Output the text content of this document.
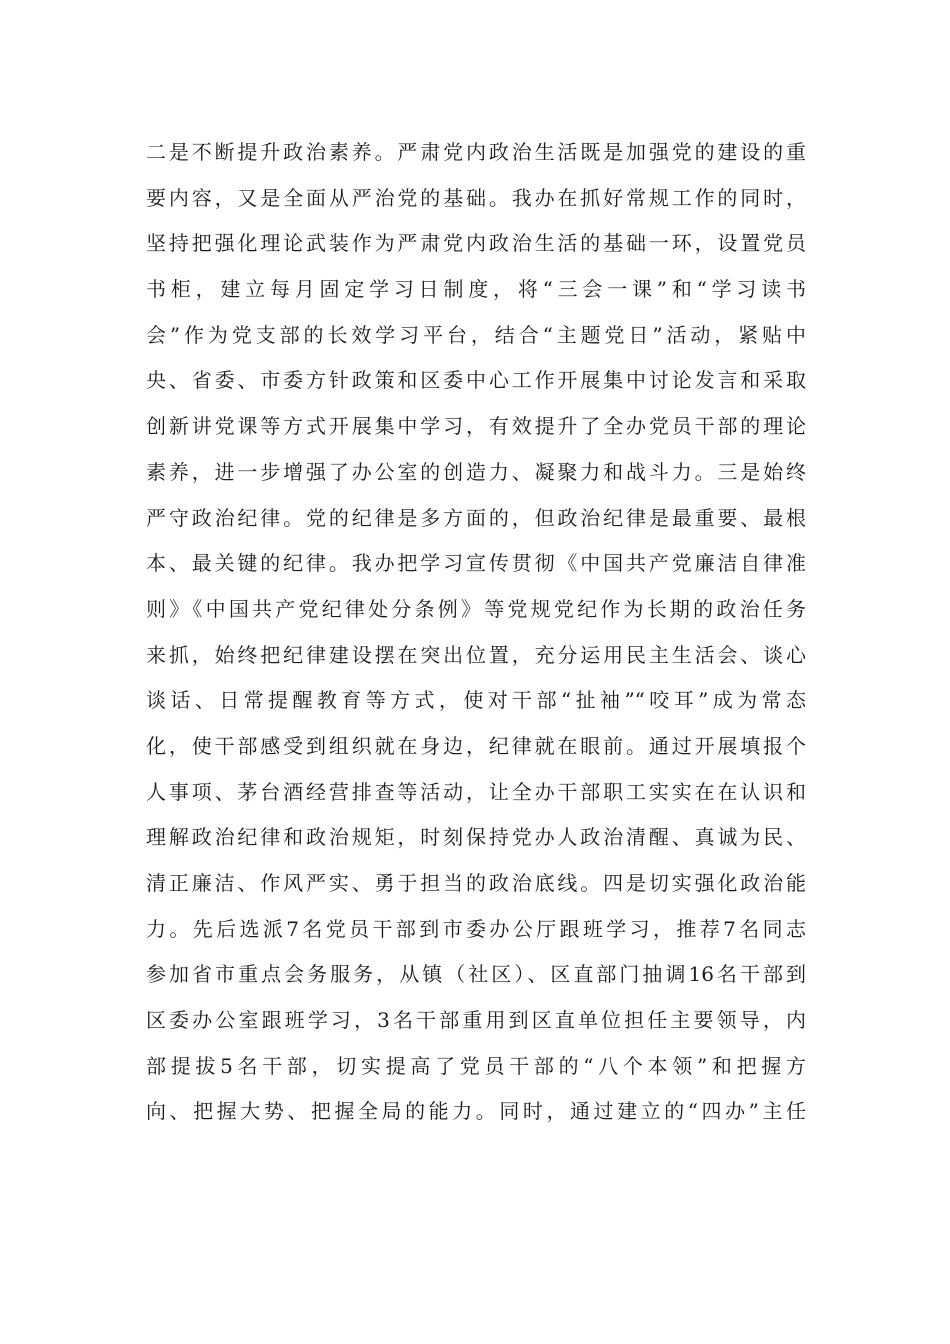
二是不断提升政治素养。严肃党内政治生活既是加强党的建设的重
要内容，又是全面从严治党的基础。我办在抓好常规工作的同时，
坚持把强化理论武装作为严肃党内政治生活的基础一环，设置党员
书柜，建立每月固定学习日制度，将“三会一课”和“学习读书
会”作为党支部的长效学习平台，结合“主题党日”活动，紧贴中
央、省委、市委方针政策和区委中心工作开展集中讨论发言和采取
创新讲党课等方式开展集中学习，有效提升了全办党员干部的理论
素养，进一步增强了办公室的创造力、凝聚力和战斗力。三是始终
严守政治纪律。党的纪律是多方面的，但政治纪律是最重要、最根
本、最关键的纪律。我办把学习宣传贯彻《中国共产党廉洁自律准
则》《中国共产党纪律处分条例》等党规党纪作为长期的政治任务
来抓，始终把纪律建设摆在突出位置，充分运用民主生活会、谈心
谈话、日常提醒教育等方式，使对干部“扯袖”“咬耳”成为常态
化，使干部感受到组织就在身边，纪律就在眼前。通过开展填报个
人事项、茅台酒经营排查等活动，让全办干部职工实实在在认识和
理解政治纪律和政治规矩，时刻保持党办人政治清醒、真诚为民、
清正廉洁、作风严实、勇于担当的政治底线。四是切实强化政治能
力。先后选派7名党员干部到市委办公厅跟班学习，推荐7名同志
参加省市重点会务服务，从镇（社区）、区直部门抽调16名干部到
区委办公室跟班学习，3名干部重用到区直单位担任主要领导，内
部提拔5名干部，切实提高了党员干部的“八个本领”和把握方
向、把握大势、把握全局的能力。同时，通过建立的“四办”主任
